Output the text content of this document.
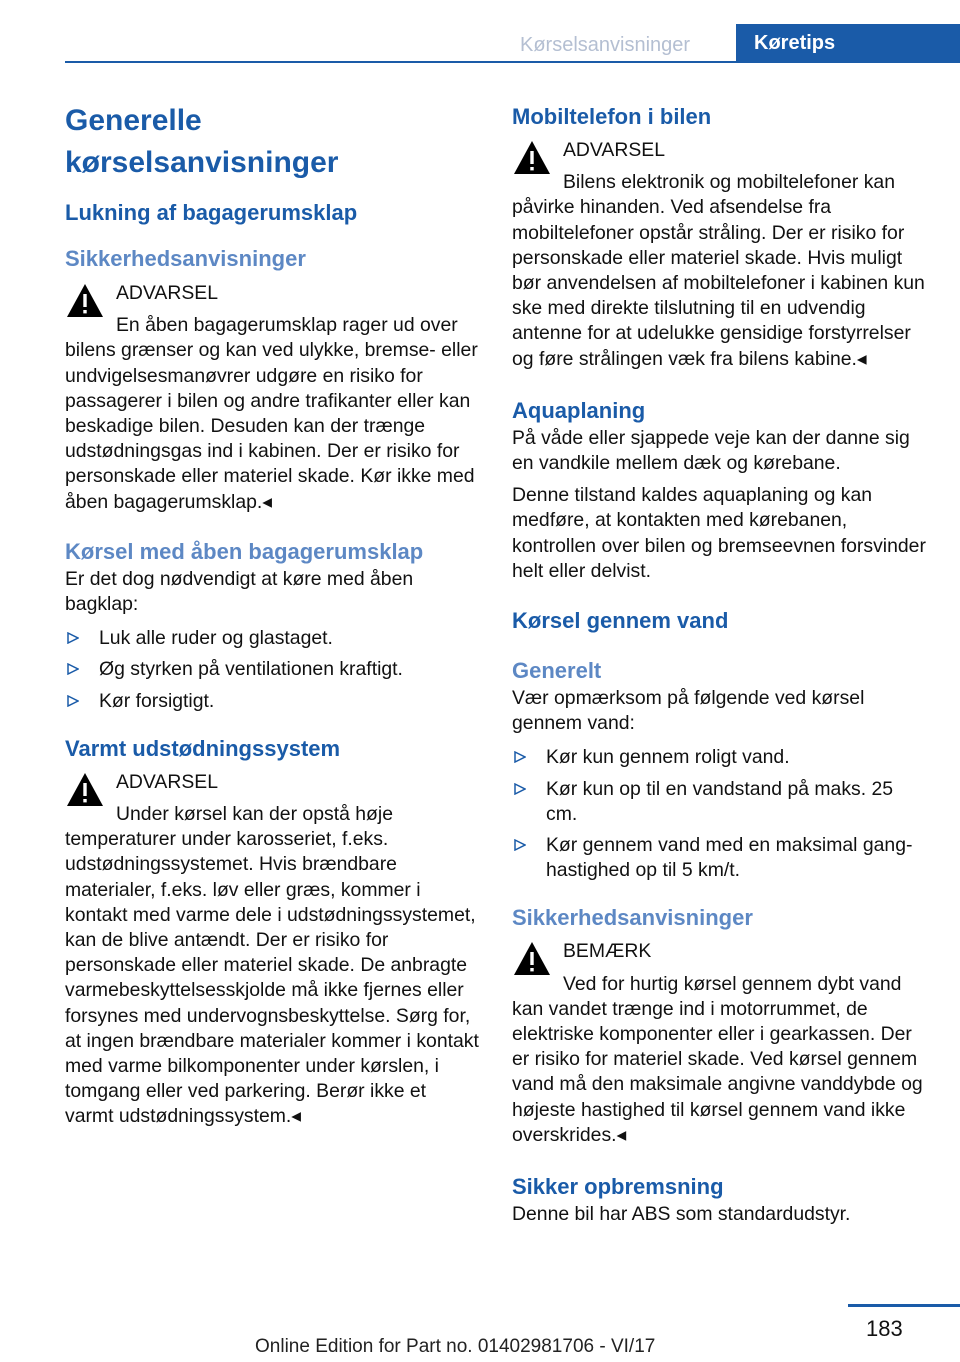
Kørselsanvisninger	Køretips
Generelle kørselsanvisninger
Lukning af bagagerumsklap
Sikkerhedsanvisninger
ADVARSEL

En åben bagagerumsklap rager ud over bilens grænser og kan ved ulykke, bremse- eller undvigelsesmanøvrer udgøre en risiko for passagerer i bilen og andre trafikanter eller kan beskadige bilen. Desuden kan der trænge udstødningsgas ind i kabinen. Der er risiko for personskade eller materiel skade. Kør ikke med åben bagagerumsklap.◂

Kørsel med åben bagagerumsklap

Er det dog nødvendigt at køre med åben bagklap:

Luk alle ruder og glastaget.
Øg styrken på ventilationen kraftigt.
Kør forsigtigt.
Varmt udstødningssystem
ADVARSEL

Under kørsel kan der opstå høje temperaturer under karosseriet, f.eks. udstødningssystemet. Hvis brændbare materialer, f.eks. løv eller græs, kommer i kontakt med varme dele i udstødningssystemet, kan de blive antændt. Der er risiko for personskade eller materiel skade. De anbragte varmebeskyttelsesskjolde må ikke fjernes eller forsynes med undervognsbeskyttelse. Sørg for, at ingen brændbare materialer kommer i kontakt med varme bilkomponenter under kørslen, i tomgang eller ved parkering. Berør ikke et varmt udstødningssystem.◂

Mobiltelefon i bilen
ADVARSEL

Bilens elektronik og mobiltelefoner kan påvirke hinanden. Ved afsendelse fra mobiltelefoner opstår stråling. Der er risiko for personskade eller materiel skade. Hvis muligt bør anvendelsen af mobiltelefoner i kabinen kun ske med direkte tilslutning til en udvendig antenne for at udelukke gensidige forstyrrelser og føre strålingen væk fra bilens kabine.◂

Aquaplaning

På våde eller sjappede veje kan der danne sig en vandkile mellem dæk og kørebane.

Denne tilstand kaldes aquaplaning og kan medføre, at kontakten med kørebanen, kontrollen over bilen og bremseevnen forsvinder helt eller delvist.

Kørsel gennem vand
Generelt

Vær opmærksom på følgende ved kørsel gennem vand:

Kør kun gennem roligt vand.
Kør kun op til en vandstand på maks. 25 cm.
Kør gennem vand med en maksimal ganghastighed op til 5 km/t.
Sikkerhedsanvisninger
BEMÆRK

Ved for hurtig kørsel gennem dybt vand kan vandet trænge ind i motorrummet, de elektriske komponenter eller i gearkassen. Der er risiko for materiel skade. Ved kørsel gennem vand må den maksimale angivne vanddybde og højeste hastighed til kørsel gennem vand ikke overskrides.◂

Sikker opbremsning

Denne bil har ABS som standardudstyr.

183
Online Edition for Part no. 01402981706 - VI/17
